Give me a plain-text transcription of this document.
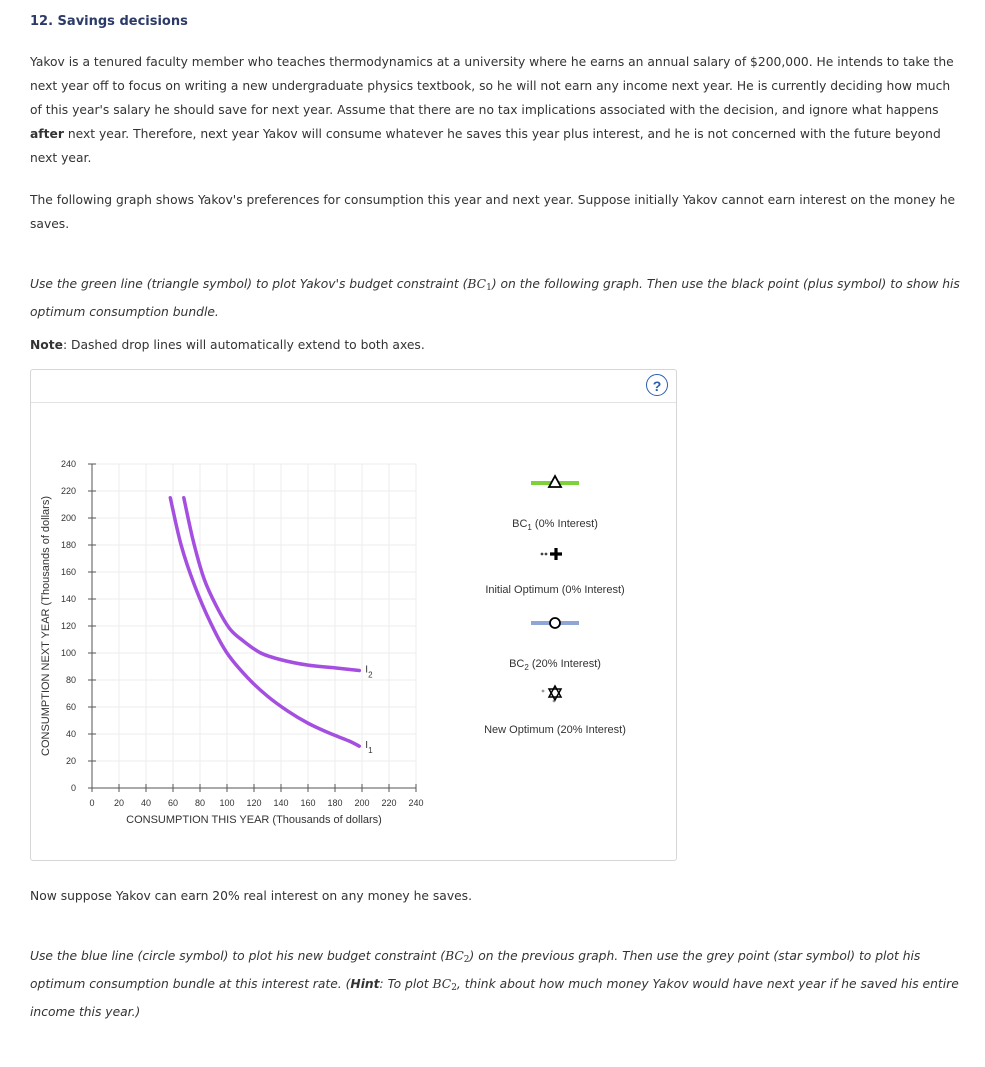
12. Savings decisions

Yakov is a tenured faculty member who teaches thermodynamics at a university where he earns an annual salary of $200,000. He intends to take the next year off to focus on writing a new undergraduate physics textbook, so he will not earn any income next year. He is currently deciding how much of this year's salary he should save for next year. Assume that there are no tax implications associated with the decision, and ignore what happens after next year. Therefore, next year Yakov will consume whatever he saves this year plus interest, and he is not concerned with the future beyond next year.

The following graph shows Yakov's preferences for consumption this year and next year. Suppose initially Yakov cannot earn interest on the money he saves.

Use the green line (triangle symbol) to plot Yakov's budget constraint (BC1) on the following graph. Then use the black point (plus symbol) to show his optimum consumption bundle.

Note: Dashed drop lines will automatically extend to both axes.

?
0 20 40 60 80 100 120 140 160 180 200 220 240
0
20
40
60
80
100
120
140
160
180
200
220
240
CONSUMPTION THIS YEAR (Thousands of dollars)
CONSUMPTION NEXT YEAR (Thousands of dollars)	$I_1$
$I_2$
$BC_1$ (0% Interest)
Initial Optimum (0% Interest)
$BC_2$ (20% Interest)
New Optimum (20% Interest)

Now suppose Yakov can earn 20% real interest on any money he saves.

Use the blue line (circle symbol) to plot his new budget constraint (BC2) on the previous graph. Then use the grey point (star symbol) to plot his optimum consumption bundle at this interest rate. (Hint: To plot BC2, think about how much money Yakov would have next year if he saved his entire income this year.)
